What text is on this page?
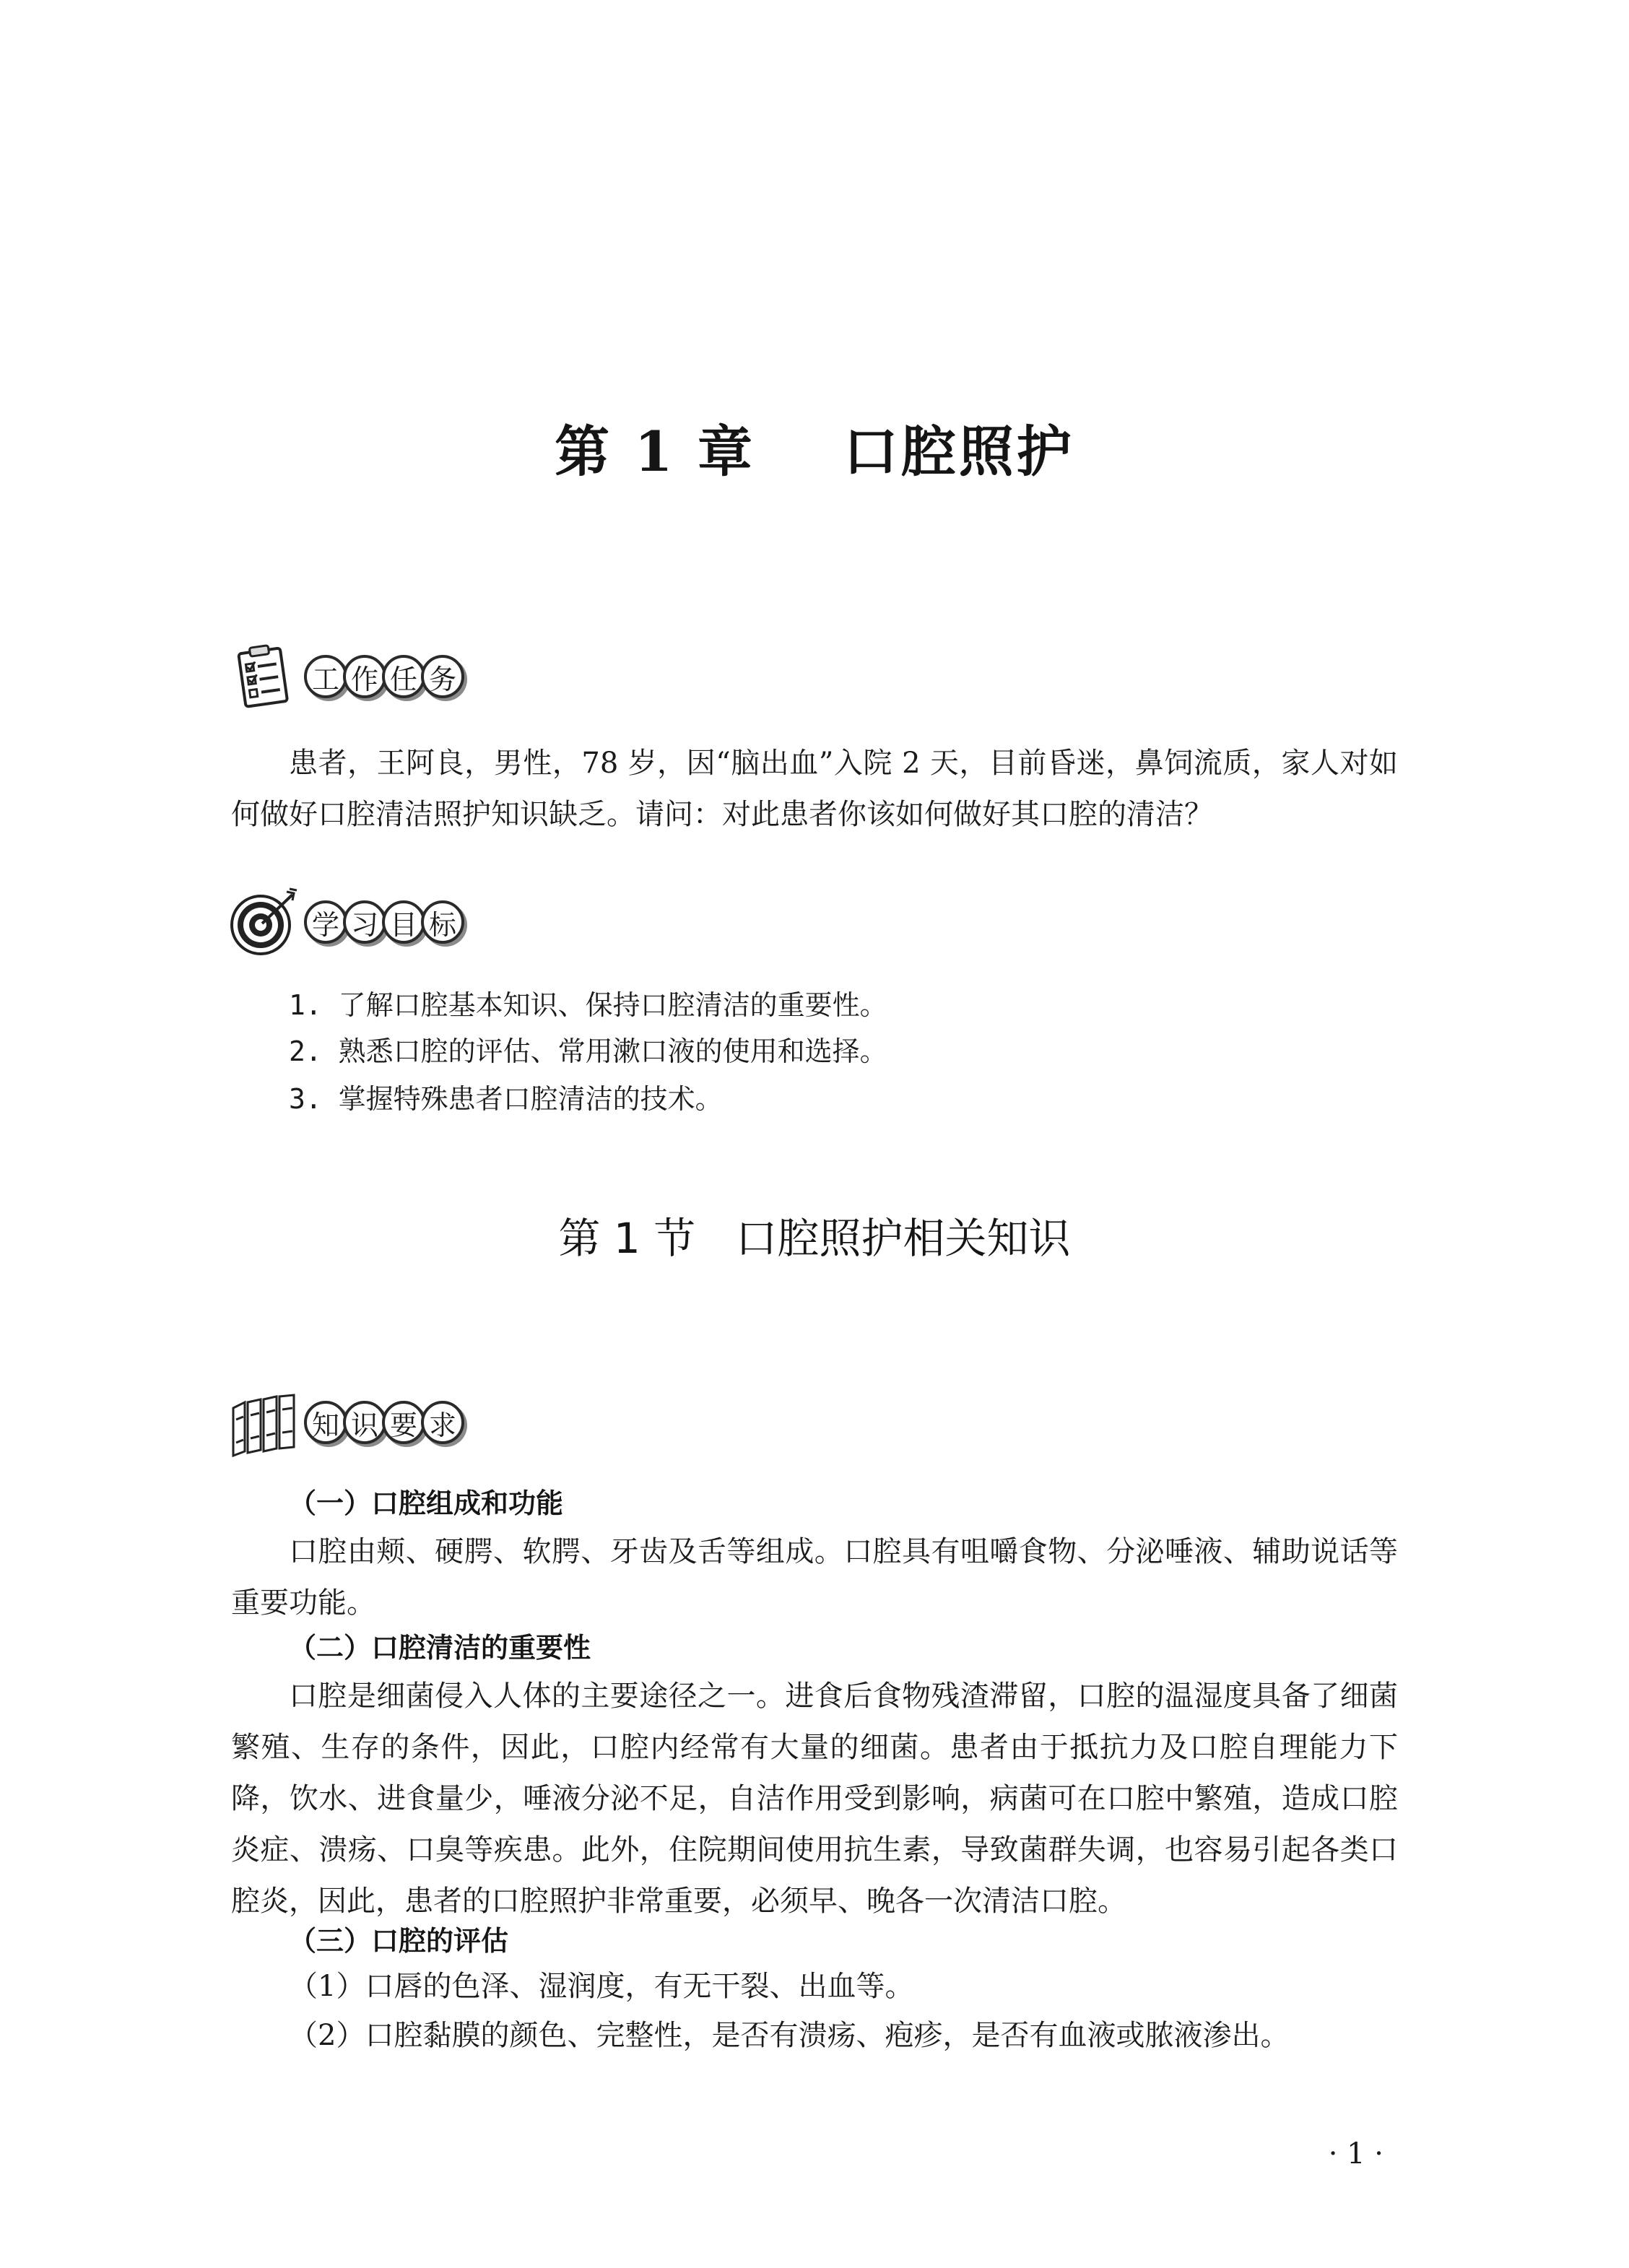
第 1 章    口腔照护
工 作 任 务
患者，王阿良，男性，78 岁，因“脑出血”入院 2 天，目前昏迷，鼻饲流质，家人对如何做好口腔清洁照护知识缺乏。请问：对此患者你该如何做好其口腔的清洁？
学 习 目 标
1. 了解口腔基本知识、保持口腔清洁的重要性。
2. 熟悉口腔的评估、常用漱口液的使用和选择。
3. 掌握特殊患者口腔清洁的技术。
第 1 节   口腔照护相关知识
知 识 要 求
（一）口腔组成和功能
口腔由颊、硬腭、软腭、牙齿及舌等组成。口腔具有咀嚼食物、分泌唾液、辅助说话等重要功能。
（二）口腔清洁的重要性
口腔是细菌侵入人体的主要途径之一。进食后食物残渣滞留，口腔的温湿度具备了细菌繁殖、生存的条件，因此，口腔内经常有大量的细菌。患者由于抵抗力及口腔自理能力下降，饮水、进食量少，唾液分泌不足，自洁作用受到影响，病菌可在口腔中繁殖，造成口腔炎症、溃疡、口臭等疾患。此外，住院期间使用抗生素，导致菌群失调，也容易引起各类口腔炎，因此，患者的口腔照护非常重要，必须早、晚各一次清洁口腔。
（三）口腔的评估
（1）口唇的色泽、湿润度，有无干裂、出血等。
（2）口腔黏膜的颜色、完整性，是否有溃疡、疱疹，是否有血液或脓液渗出。
· 1 ·
